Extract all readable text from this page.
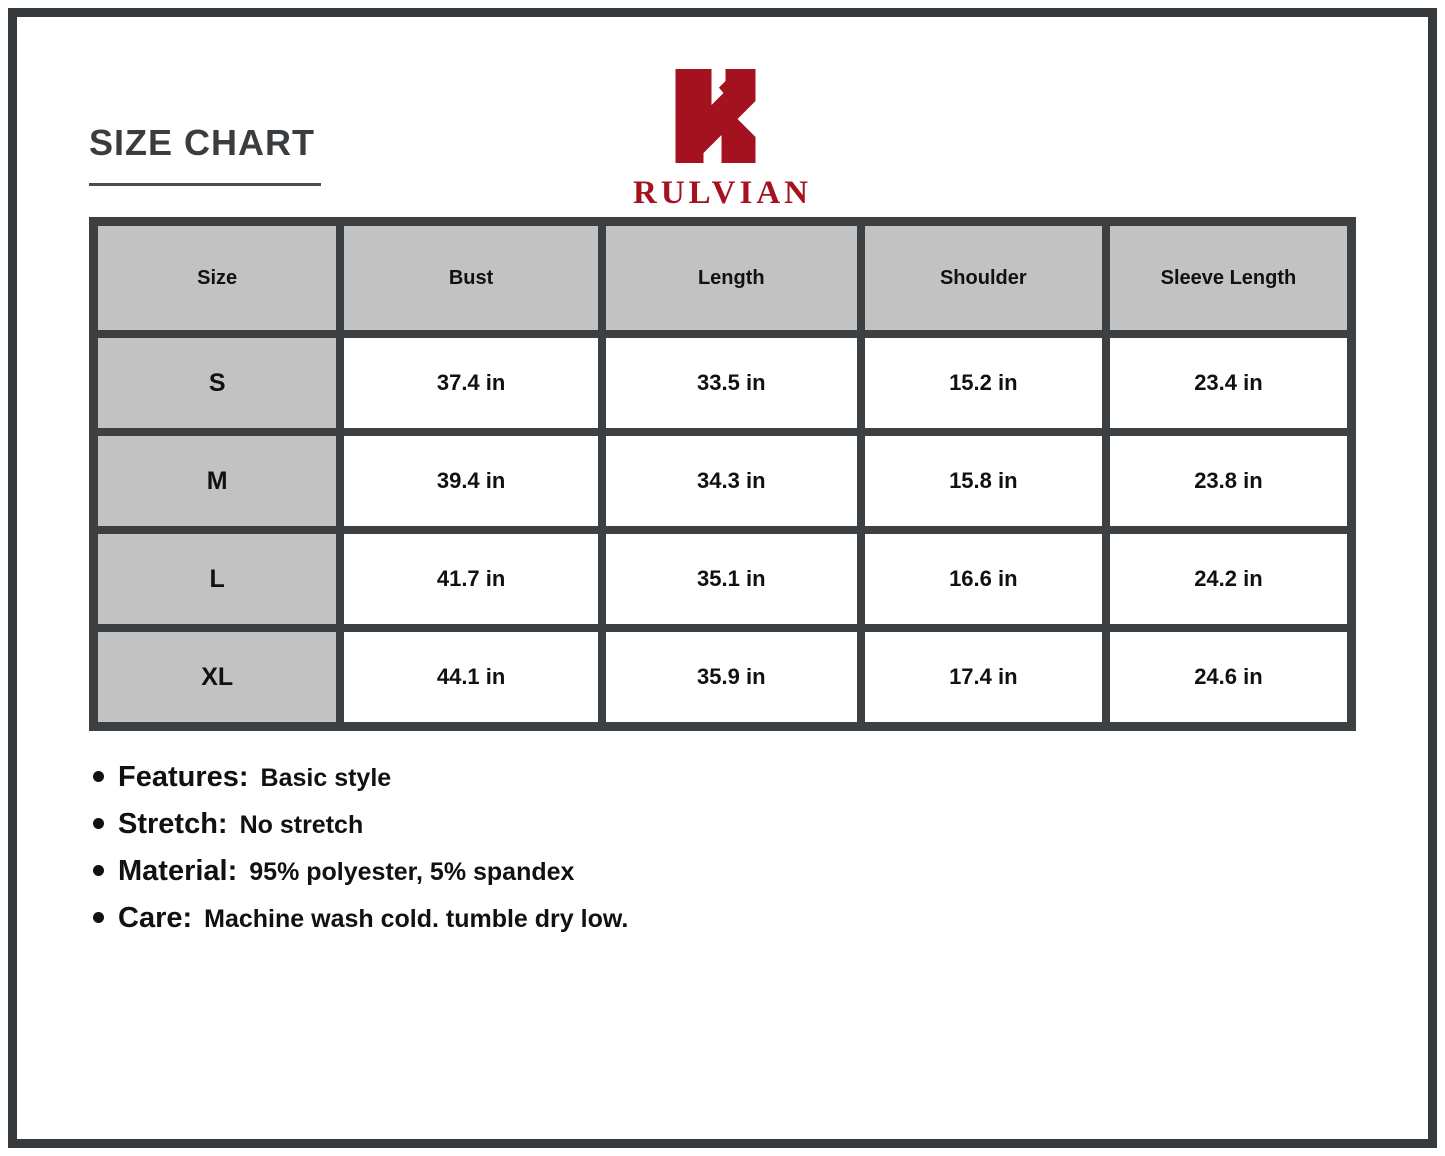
SIZE CHART
RULVIAN
Size	Bust	Length	Shoulder	Sleeve Length
S	37.4 in	33.5 in	15.2 in	23.4 in
M	39.4 in	34.3 in	15.8 in	23.8 in
L	41.7 in	35.1 in	16.6 in	24.2 in
XL	44.1 in	35.9 in	17.4 in	24.6 in
Features: Basic style
Stretch: No stretch
Material: 95% polyester, 5% spandex
Care: Machine wash cold. tumble dry low.
